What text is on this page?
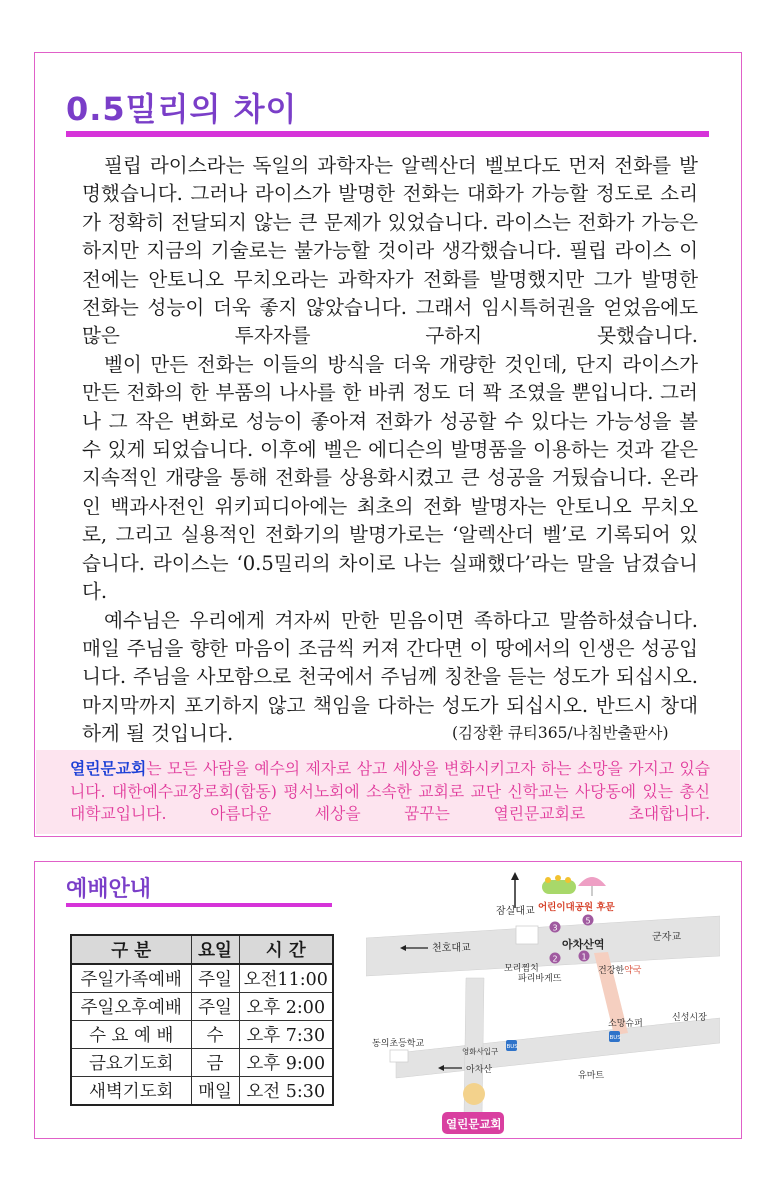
0.5밀리의 차이

필립 라이스라는 독일의 과학자는 알렉산더 벨보다도 먼저 전화를 발명했습니다. 그러나 라이스가 발명한 전화는 대화가 가능할 정도로 소리가 정확히 전달되지 않는 큰 문제가 있었습니다. 라이스는 전화가 가능은 하지만 지금의 기술로는 불가능할 것이라 생각했습니다. 필립 라이스 이전에는 안토니오 무치오라는 과학자가 전화를 발명했지만 그가 발명한 전화는 성능이 더욱 좋지 않았습니다. 그래서 임시특허권을 얻었음에도 많은 투자자를 구하지 못했습니다.

벨이 만든 전화는 이들의 방식을 더욱 개량한 것인데, 단지 라이스가 만든 전화의 한 부품의 나사를 한 바퀴 정도 더 꽉 조였을 뿐입니다. 그러나 그 작은 변화로 성능이 좋아져 전화가 성공할 수 있다는 가능성을 볼 수 있게 되었습니다. 이후에 벨은 에디슨의 발명품을 이용하는 것과 같은 지속적인 개량을 통해 전화를 상용화시켰고 큰 성공을 거뒀습니다. 온라인 백과사전인 위키피디아에는 최초의 전화 발명자는 안토니오 무치오로, 그리고 실용적인 전화기의 발명가로는 ‘알렉산더 벨’로 기록되어 있습니다. 라이스는 ‘0.5밀리의 차이로 나는 실패했다’라는 말을 남겼습니다.

예수님은 우리에게 겨자씨 만한 믿음이면 족하다고 말씀하셨습니다. 매일 주님을 향한 마음이 조금씩 커져 간다면 이 땅에서의 인생은 성공입니다. 주님을 사모함으로 천국에서 주님께 칭찬을 듣는 성도가 되십시오. 마지막까지 포기하지 않고 책임을 다하는 성도가 되십시오. 반드시 창대하게 될 것입니다.	(김장환 큐티365/나침반출판사)

열린문교회는 모든 사람을 예수의 제자로 삼고 세상을 변화시키고자 하는 소망을 가지고 있습니다. 대한예수교장로회(합동) 평서노회에 소속한 교회로 교단 신학교는 사당동에 있는 총신대학교입니다. 아름다운 세상을 꿈꾸는 열린문교회로 초대합니다.

예배안내
구 분	요일	시 간
주일가족예배	주일	오전11:00
주일오후예배	주일	오후 2:00
수 요 예 배	수	오후 7:30
금요기도회	금	오후 9:00
새벽기도회	매일	오전 5:30
잠실대교 어린이대공원 후문
5
3
2	1
아차산역
군자교
천호대교
모리찜치
파리바게뜨
건강한약국
소망슈퍼
BUS
신성시장
동의초등학교
영화사입구 BUS
아차산
유마트
열린문교회
